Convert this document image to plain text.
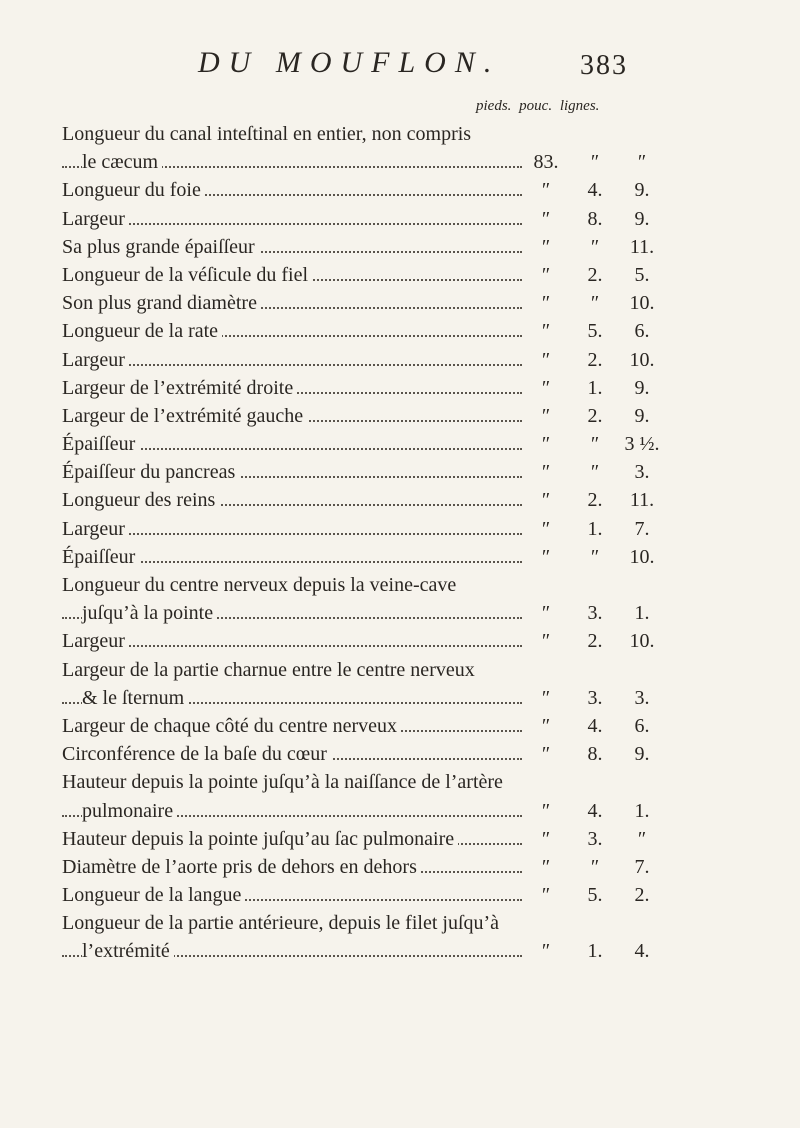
DU MOUFLON.	383
pieds. pouc. lignes.
Longueur du canal inteſtinal en entier, non compris
le cæcum	83.	″	″
Longueur du foie	″	4.	9.
Largeur	″	8.	9.
Sa plus grande épaiſſeur	″	″	11.
Longueur de la véſicule du fiel	″	2.	5.
Son plus grand diamètre	″	″	10.
Longueur de la rate	″	5.	6.
Largeur	″	2.	10.
Largeur de l’extrémité droite	″	1.	9.
Largeur de l’extrémité gauche	″	2.	9.
Épaiſſeur	″	″	3 ½.
Épaiſſeur du pancreas	″	″	3.
Longueur des reins	″	2.	11.
Largeur	″	1.	7.
Épaiſſeur	″	″	10.
Longueur du centre nerveux depuis la veine-cave
juſqu’à la pointe	″	3.	1.
Largeur	″	2.	10.
Largeur de la partie charnue entre le centre nerveux
& le ſternum	″	3.	3.
Largeur de chaque côté du centre nerveux	″	4.	6.
Circonférence de la baſe du cœur	″	8.	9.
Hauteur depuis la pointe juſqu’à la naiſſance de l’artère
pulmonaire	″	4.	1.
Hauteur depuis la pointe juſqu’au ſac pulmonaire	″	3.	″
Diamètre de l’aorte pris de dehors en dehors	″	″	7.
Longueur de la langue	″	5.	2.
Longueur de la partie antérieure, depuis le filet juſqu’à
l’extrémité	″	1.	4.
